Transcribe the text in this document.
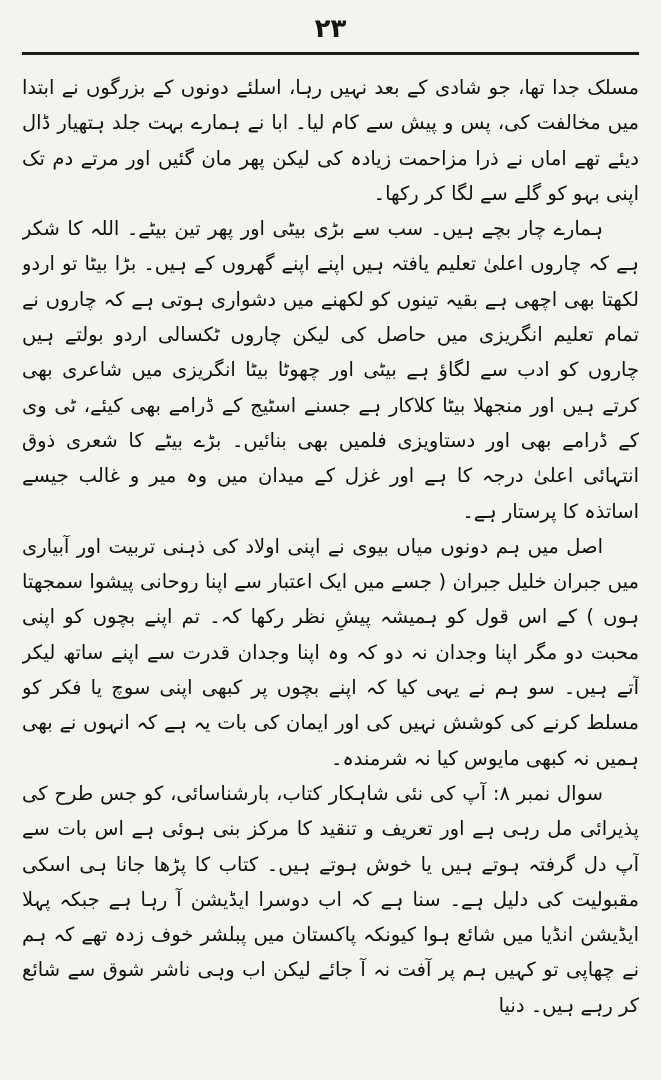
۲۳

مسلک جدا تھا، جو شادی کے بعد نہیں رہا، اسلئے دونوں کے بزرگوں نے ابتدا میں مخالفت کی، پس و پیش سے کام لیا۔ ابا نے ہمارے بہت جلد ہتھیار ڈال دیئے تھے اماں نے ذرا مزاحمت زیادہ کی لیکن پھر مان گئیں اور مرتے دم تک اپنی بہو کو گلے سے لگا کر رکھا۔

ہمارے چار بچے ہیں۔ سب سے بڑی بیٹی اور پھر تین بیٹے۔ اللہ کا شکر ہے کہ چاروں اعلیٰ تعلیم یافتہ ہیں اپنے اپنے گھروں کے ہیں۔ بڑا بیٹا تو اردو لکھتا بھی اچھی ہے بقیہ تینوں کو لکھنے میں دشواری ہوتی ہے کہ چاروں نے تمام تعلیم انگریزی میں حاصل کی لیکن چاروں ٹکسالی اردو بولتے ہیں چاروں کو ادب سے لگاؤ ہے بیٹی اور چھوٹا بیٹا انگریزی میں شاعری بھی کرتے ہیں اور منجھلا بیٹا کلاکار ہے جسنے اسٹیج کے ڈرامے بھی کیئے، ٹی وی کے ڈرامے بھی اور دستاویزی فلمیں بھی بنائیں۔ بڑے بیٹے کا شعری ذوق انتہائی اعلیٰ درجہ کا ہے اور غزل کے میدان میں وہ میر و غالب جیسے اساتذہ کا پرستار ہے۔

اصل میں ہم دونوں میاں بیوی نے اپنی اولاد کی ذہنی تربیت اور آبیاری میں جبران خلیل جبران ( جسے میں ایک اعتبار سے اپنا روحانی پیشوا سمجھتا ہوں ) کے اس قول کو ہمیشہ پیشِ نظر رکھا کہ۔ تم اپنے بچوں کو اپنی محبت دو مگر اپنا وجدان نہ دو کہ وہ اپنا وجدان قدرت سے اپنے ساتھ لیکر آتے ہیں۔ سو ہم نے یہی کیا کہ اپنے بچوں پر کبھی اپنی سوچ یا فکر کو مسلط کرنے کی کوشش نہیں کی اور ایمان کی بات یہ ہے کہ انہوں نے بھی ہمیں نہ کبھی مایوس کیا نہ شرمندہ۔

سوال نمبر ۸: آپ کی نئی شاہکار کتاب، بارشناسائی، کو جس طرح کی پذیرائی مل رہی ہے اور تعریف و تنقید کا مرکز بنی ہوئی ہے اس بات سے آپ دل گرفتہ ہوتے ہیں یا خوش ہوتے ہیں۔ کتاب کا پڑھا جانا ہی اسکی مقبولیت کی دلیل ہے۔ سنا ہے کہ اب دوسرا ایڈیشن آ رہا ہے جبکہ پہلا ایڈیشن انڈیا میں شائع ہوا کیونکہ پاکستان میں پبلشر خوف زدہ تھے کہ ہم نے چھاپی تو کہیں ہم پر آفت نہ آ جائے لیکن اب وہی ناشر شوق سے شائع کر رہے ہیں۔ دنیا
